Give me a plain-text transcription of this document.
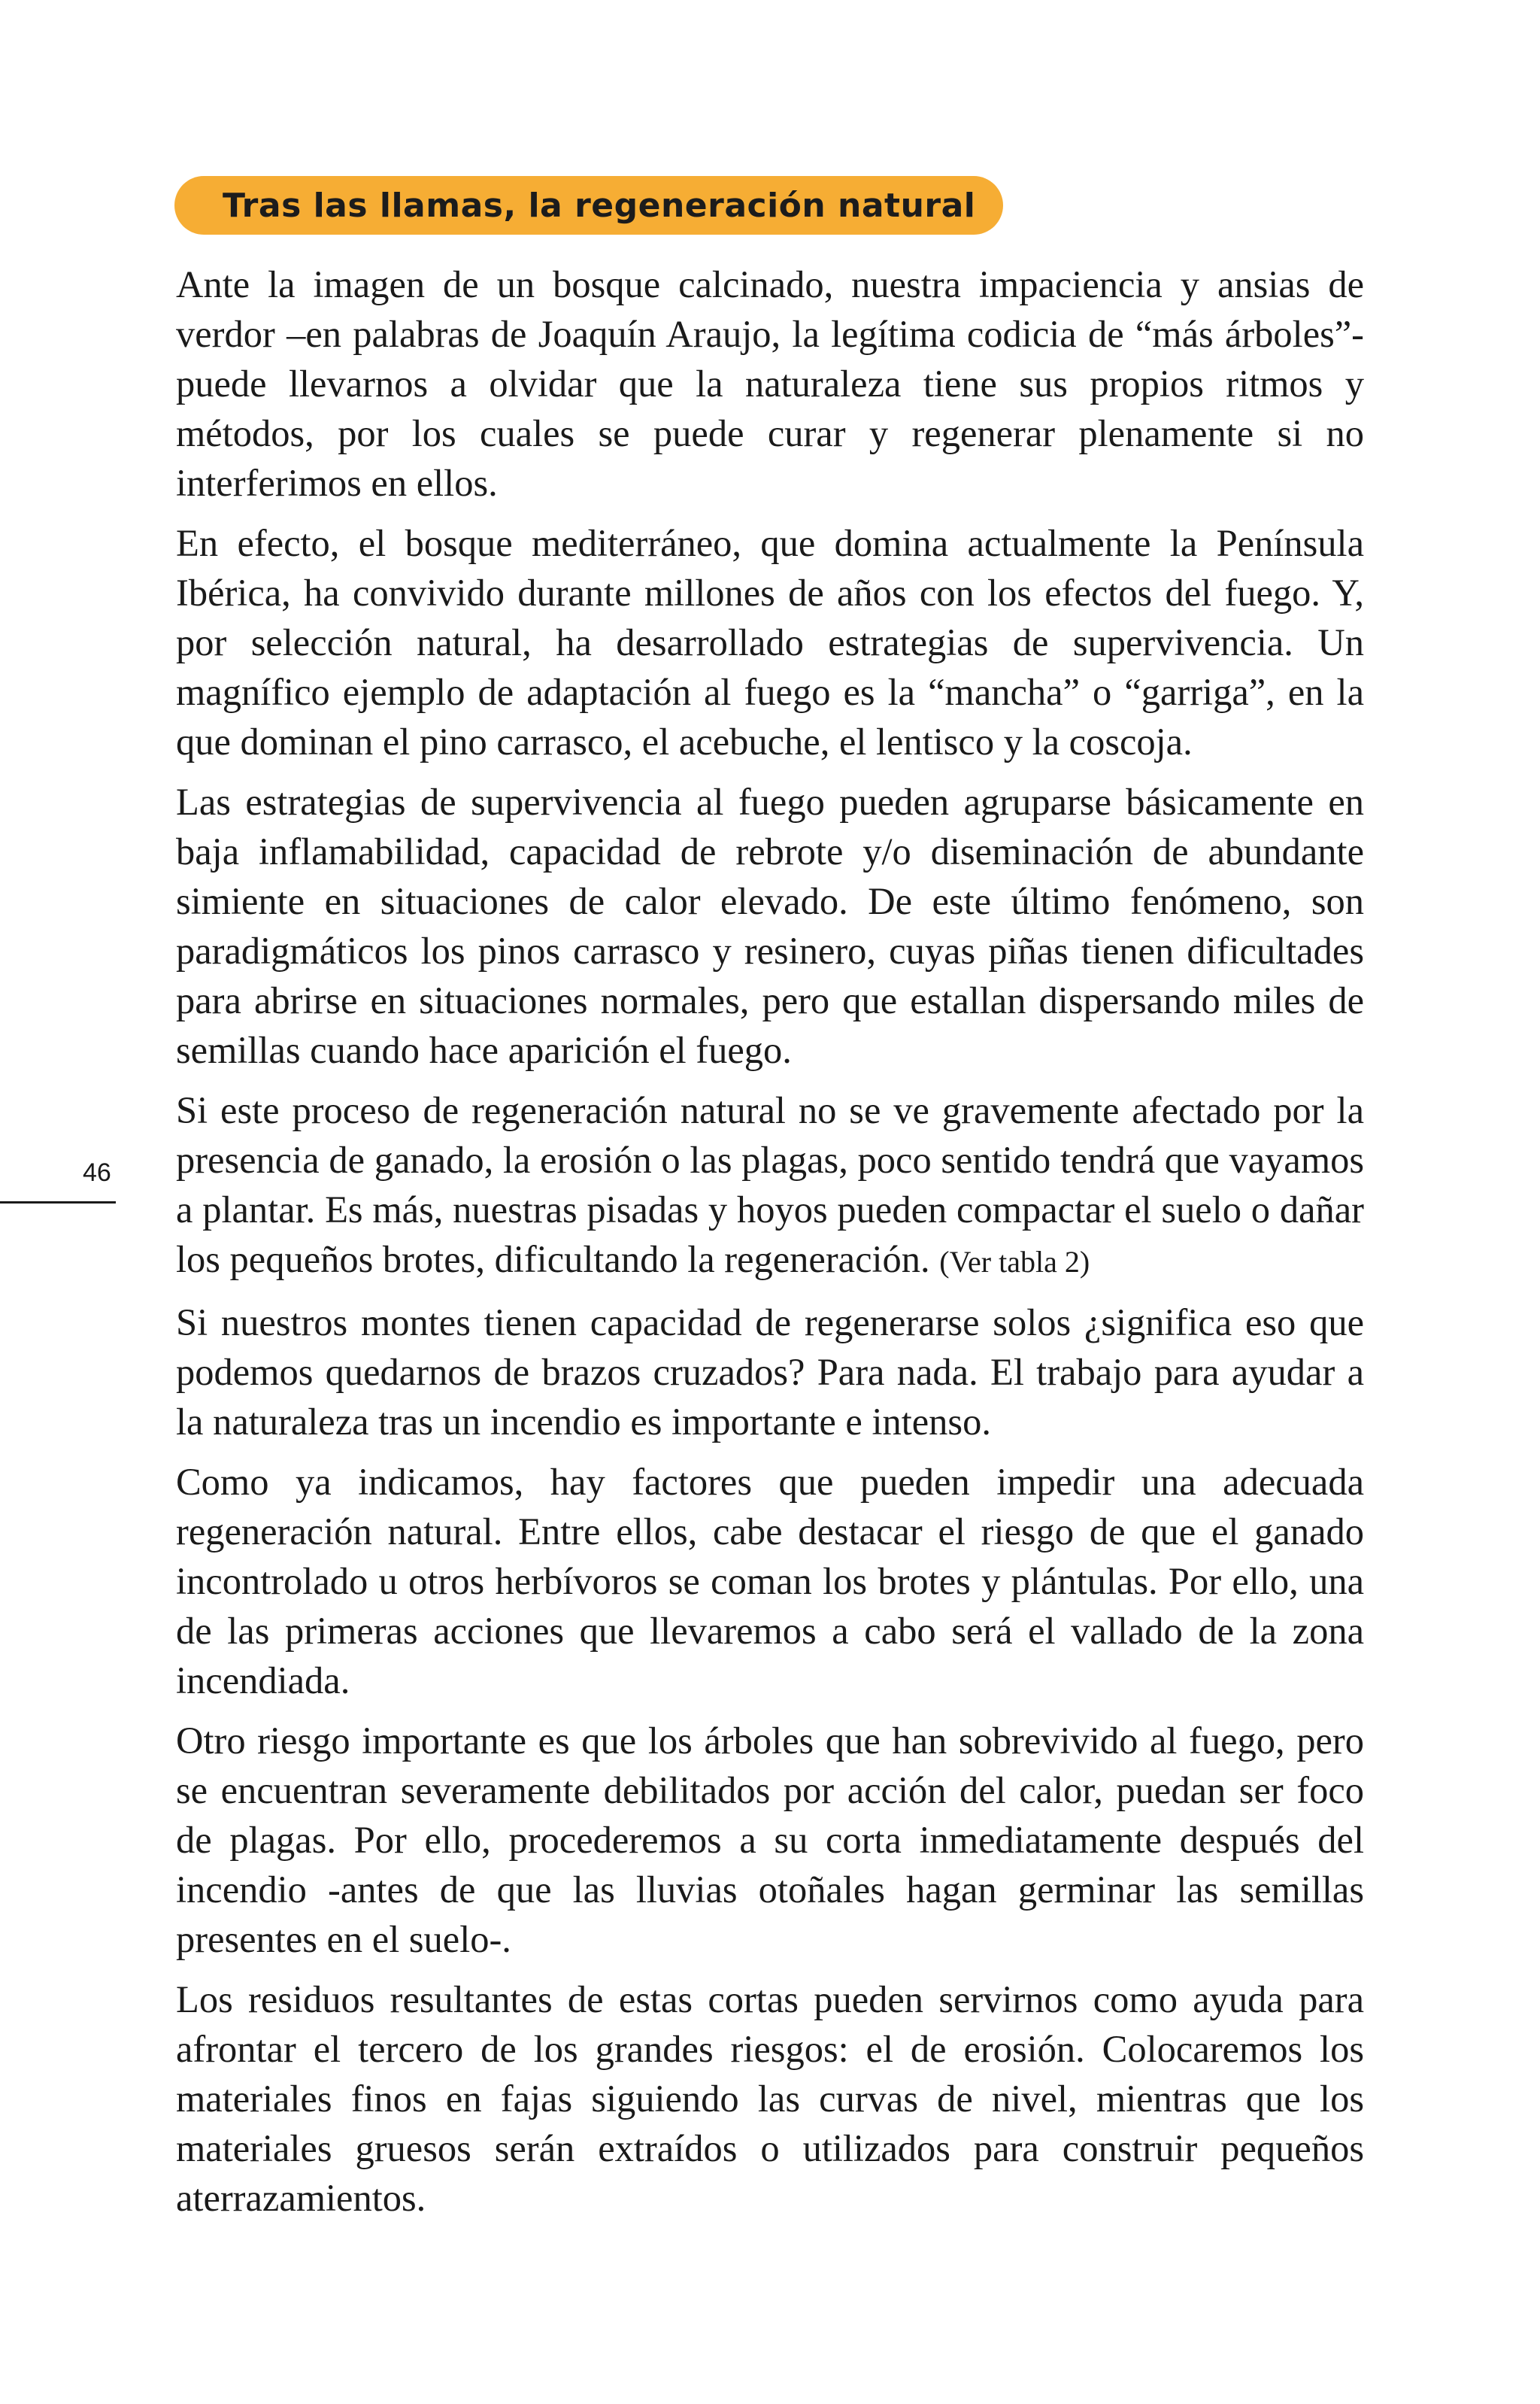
Tras las llamas, la regeneración natural

Ante la imagen de un bosque calcinado, nuestra impaciencia y ansias de verdor –en palabras de Joaquín Araujo, la legítima codicia de “más árboles”- puede llevarnos a olvidar que la naturaleza tiene sus propios ritmos y métodos, por los cuales se puede curar y regenerar plenamente si no interferimos en ellos.

En efecto, el bosque mediterráneo, que domina actualmente la Península Ibérica, ha convivido durante millones de años con los efectos del fuego. Y, por selección natural, ha desarrollado estrategias de supervivencia. Un magnífico ejemplo de adaptación al fuego es la “mancha” o “garriga”, en la que dominan el pino carrasco, el acebuche, el lentisco y la coscoja.

Las estrategias de supervivencia al fuego pueden agruparse básicamente en baja inflamabilidad, capacidad de rebrote y/o diseminación de abundante simiente en situaciones de calor elevado. De este último fenómeno, son paradigmáticos los pinos carrasco y resinero, cuyas piñas tienen dificultades para abrirse en situaciones normales, pero que estallan dispersando miles de semillas cuando hace aparición el fuego.

Si este proceso de regeneración natural no se ve gravemente afectado por la presencia de ganado, la erosión o las plagas, poco sentido tendrá que vayamos a plantar. Es más, nuestras pisadas y hoyos pueden compactar el suelo o dañar los pequeños brotes, dificultando la regeneración. (Ver tabla 2)

Si nuestros montes tienen capacidad de regenerarse solos ¿significa eso que podemos quedarnos de brazos cruzados? Para nada. El trabajo para ayudar a la naturaleza tras un incendio es importante e intenso.

Como ya indicamos, hay factores que pueden impedir una adecuada regeneración natural. Entre ellos, cabe destacar el riesgo de que el ganado incontrolado u otros herbívoros se coman los brotes y plántulas. Por ello, una de las primeras acciones que llevaremos a cabo será el vallado de la zona incendiada.

Otro riesgo importante es que los árboles que han sobrevivido al fuego, pero se encuentran severamente debilitados por acción del calor, puedan ser foco de plagas. Por ello, procederemos a su corta inmediatamente después del incendio -antes de que las lluvias otoñales hagan germinar las semillas presentes en el suelo-.

Los residuos resultantes de estas cortas pueden servirnos como ayuda para afrontar el tercero de los grandes riesgos: el de erosión. Colocaremos los materiales finos en fajas siguiendo las curvas de nivel, mientras que los materiales gruesos serán extraídos o utilizados para construir pequeños aterrazamientos.

46
